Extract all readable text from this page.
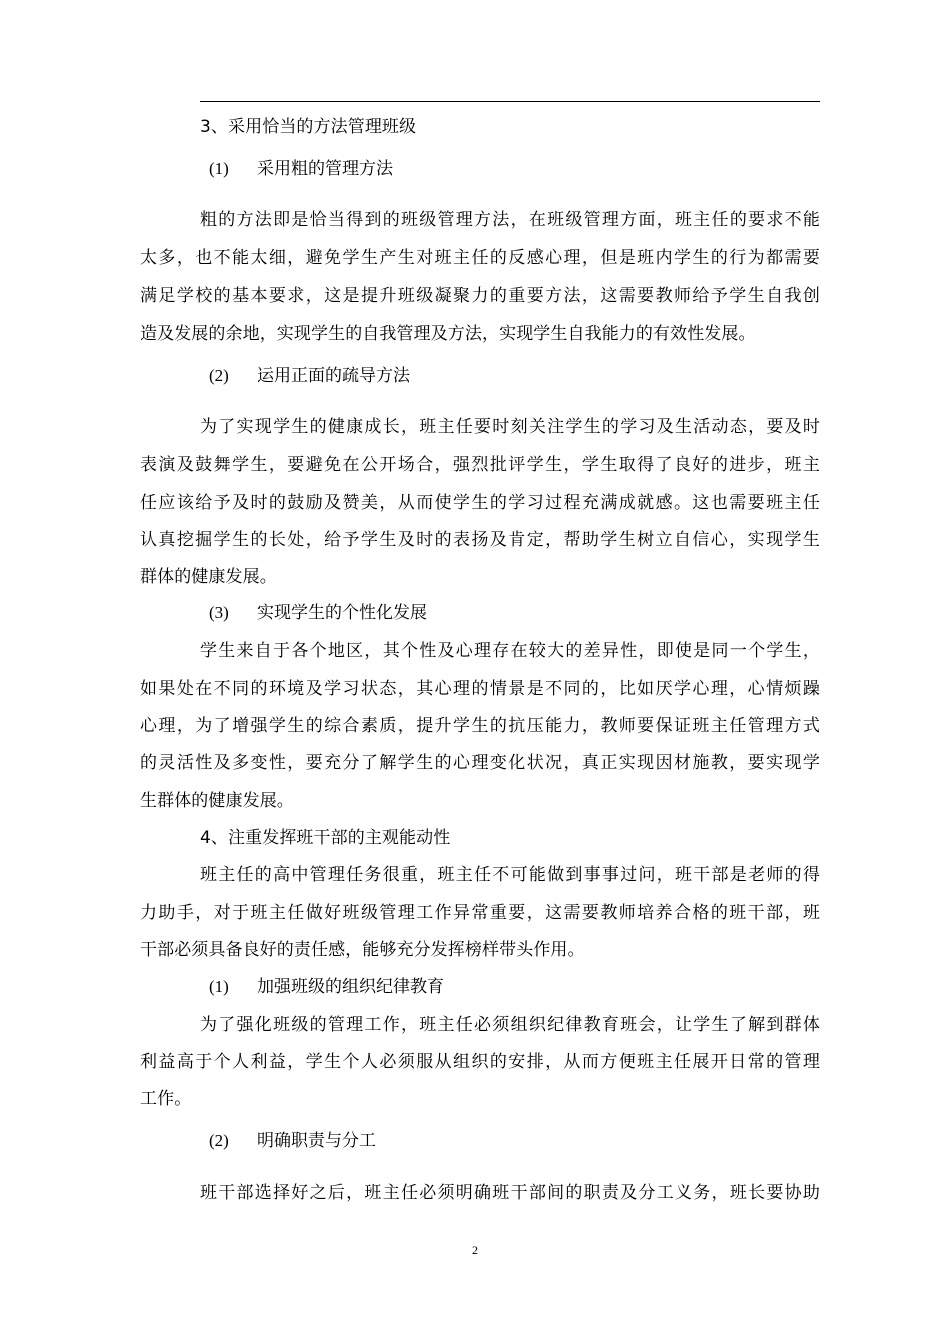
3、采用恰当的方法管理班级
(1) 采用粗的管理方法
粗的方法即是恰当得到的班级管理方法，在班级管理方面，班主任的要求不能
太多，也不能太细，避免学生产生对班主任的反感心理，但是班内学生的行为都需要
满足学校的基本要求，这是提升班级凝聚力的重要方法，这需要教师给予学生自我创
造及发展的余地，实现学生的自我管理及方法，实现学生自我能力的有效性发展。
(2) 运用正面的疏导方法
为了实现学生的健康成长，班主任要时刻关注学生的学习及生活动态，要及时
表演及鼓舞学生，要避免在公开场合，强烈批评学生，学生取得了良好的进步，班主
任应该给予及时的鼓励及赞美，从而使学生的学习过程充满成就感。这也需要班主任
认真挖掘学生的长处，给予学生及时的表扬及肯定，帮助学生树立自信心，实现学生
群体的健康发展。
(3) 实现学生的个性化发展
学生来自于各个地区，其个性及心理存在较大的差异性，即使是同一个学生，
如果处在不同的环境及学习状态，其心理的情景是不同的，比如厌学心理，心情烦躁
心理，为了增强学生的综合素质，提升学生的抗压能力，教师要保证班主任管理方式
的灵活性及多变性，要充分了解学生的心理变化状况，真正实现因材施教，要实现学
生群体的健康发展。
4、注重发挥班干部的主观能动性
班主任的高中管理任务很重，班主任不可能做到事事过问，班干部是老师的得
力助手，对于班主任做好班级管理工作异常重要，这需要教师培养合格的班干部，班
干部必须具备良好的责任感，能够充分发挥榜样带头作用。
(1) 加强班级的组织纪律教育
为了强化班级的管理工作，班主任必须组织纪律教育班会，让学生了解到群体
利益高于个人利益，学生个人必须服从组织的安排，从而方便班主任展开日常的管理
工作。
(2) 明确职责与分工
班干部选择好之后，班主任必须明确班干部间的职责及分工义务，班长要协助
2
